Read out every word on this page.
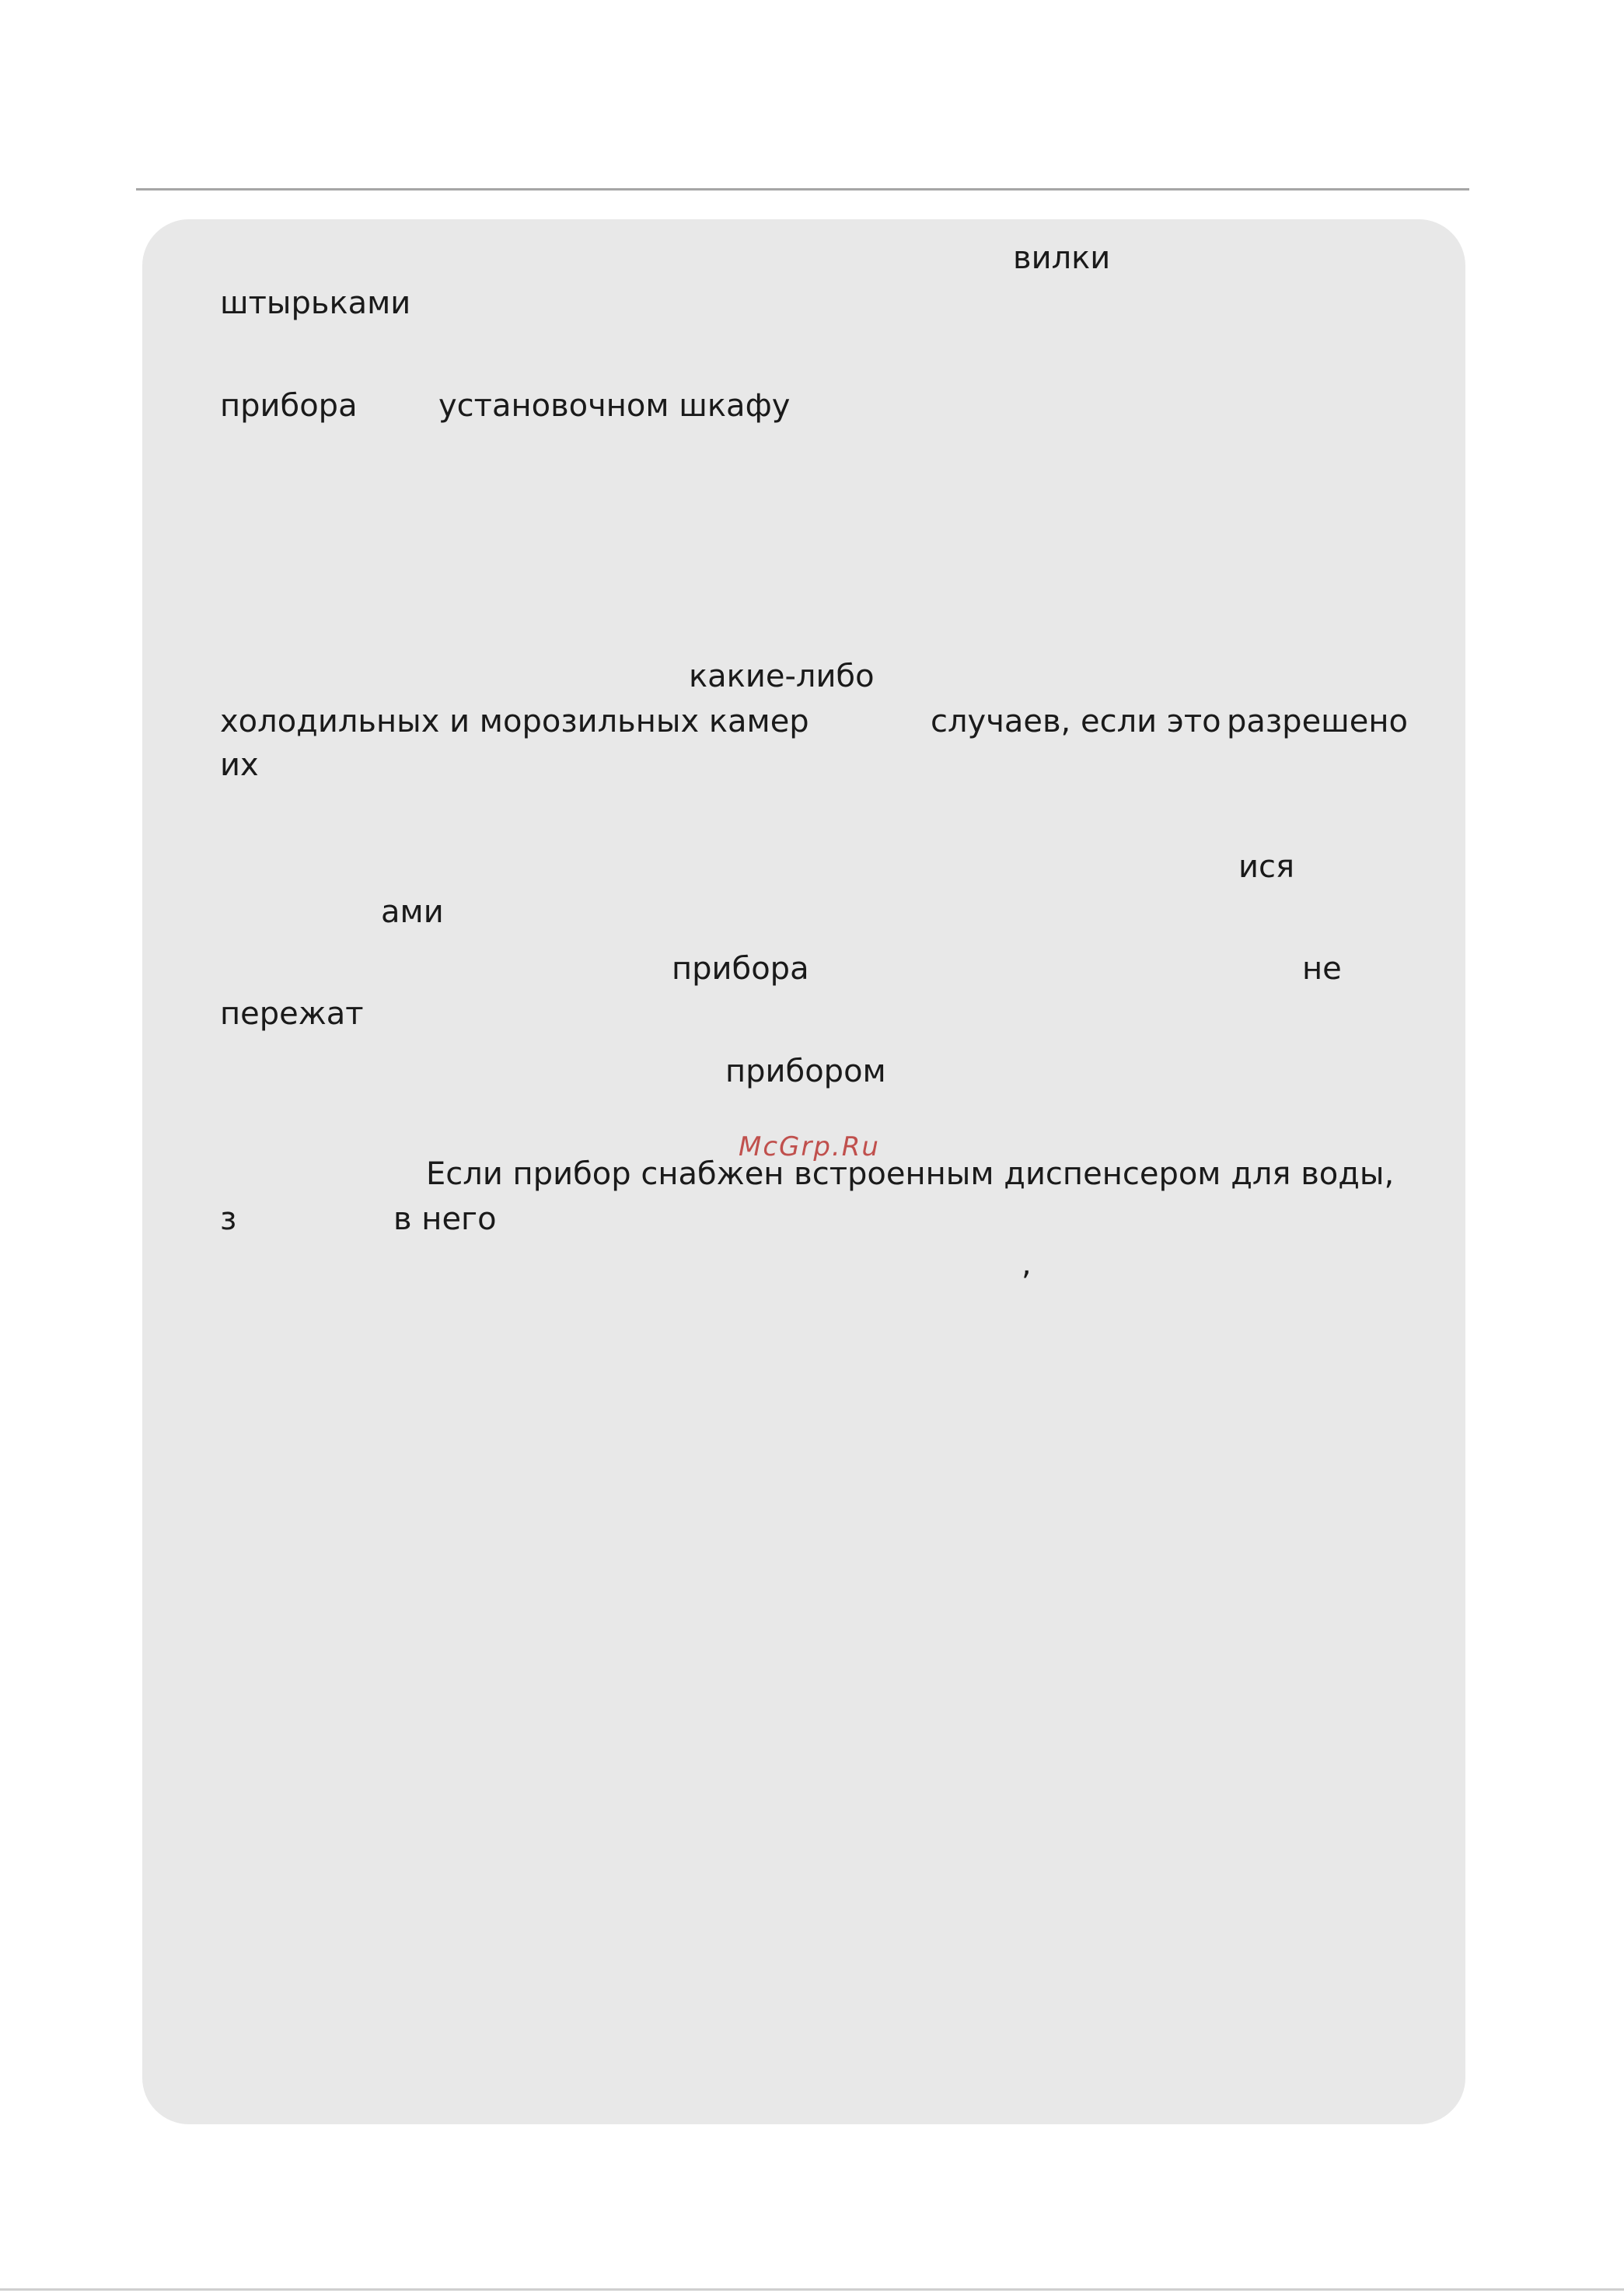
вилки
штырьками
прибора	установочном шкафу
какие-либо
холодильных и морозильных камер	случаев, если это разрешено
их
ися
ами
прибора	не
пережат
прибором
McGrp.Ru
Если прибор снабжен встроенным диспенсером для воды,
з	в него
,
